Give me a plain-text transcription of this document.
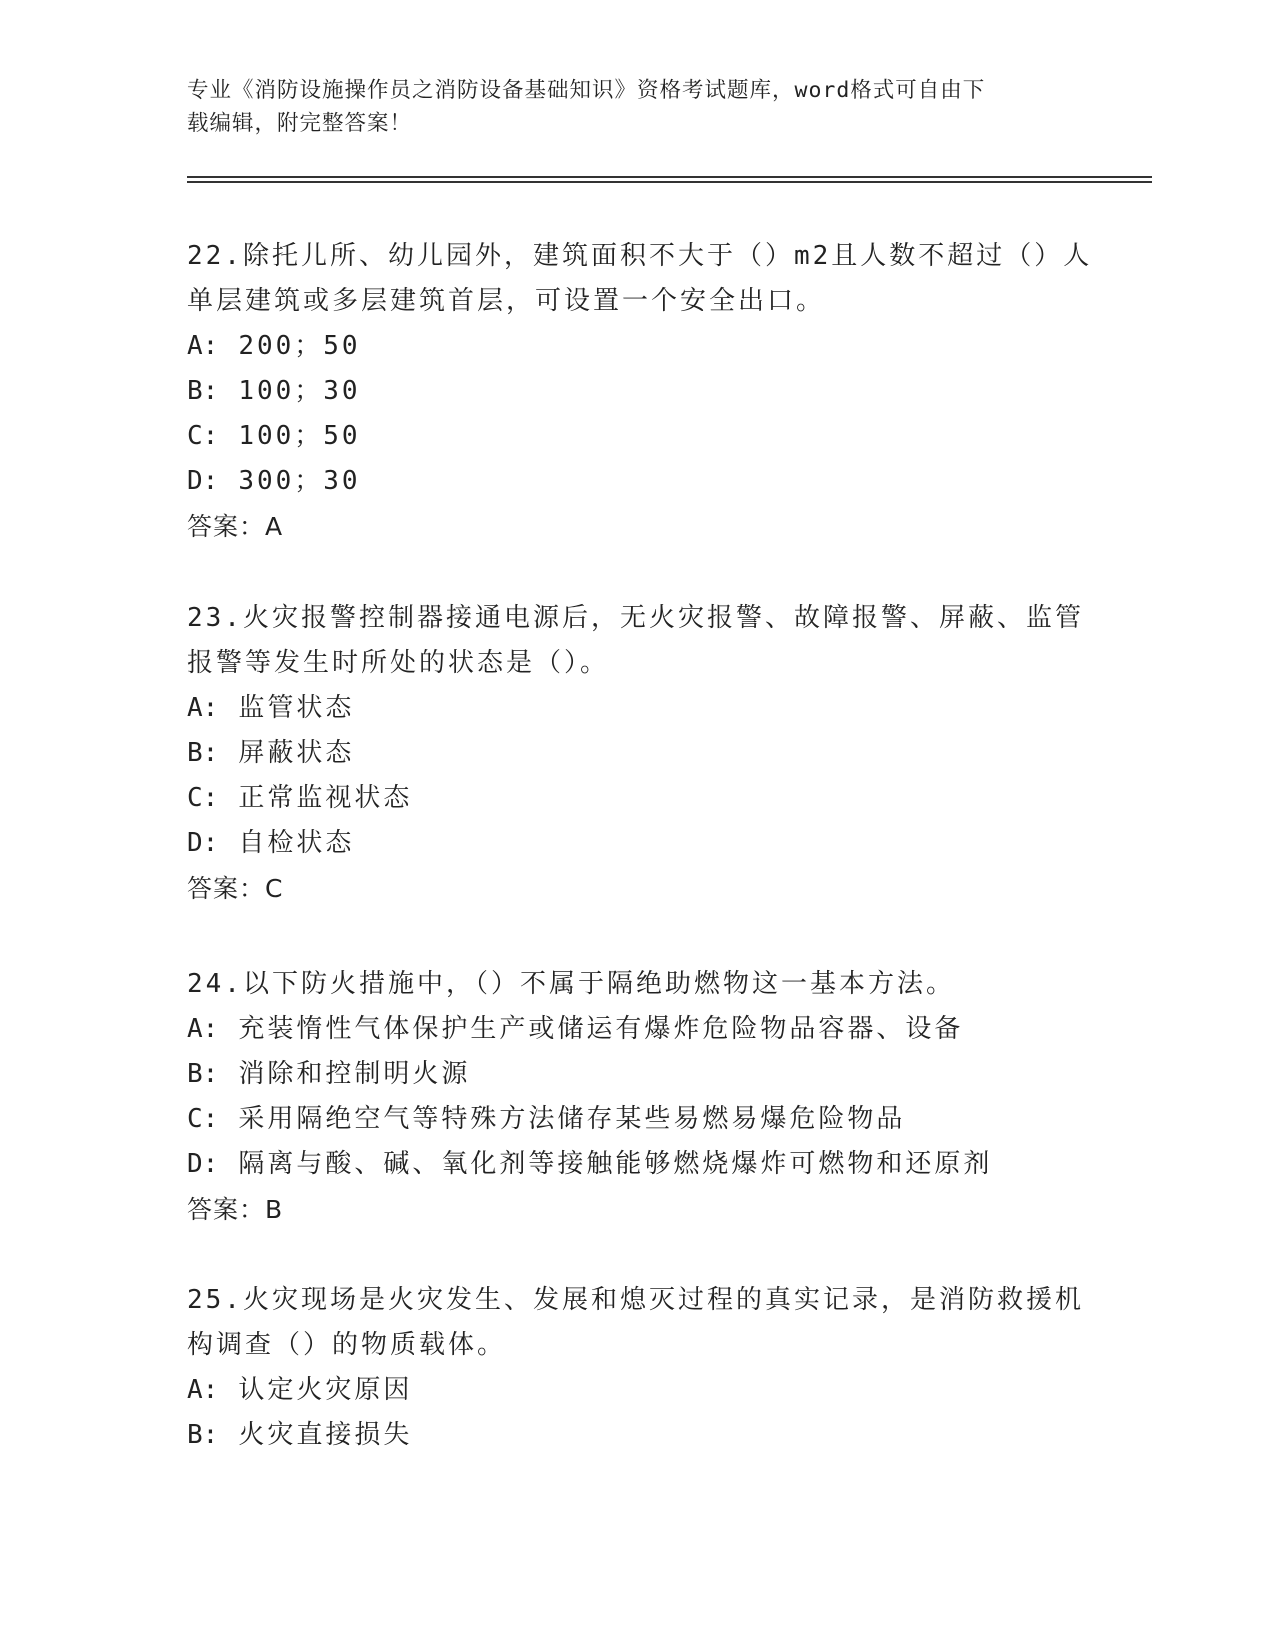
专业《消防设施操作员之消防设备基础知识》资格考试题库，word格式可自由下
载编辑，附完整答案！
22.除托儿所、幼儿园外，建筑面积不大于（）m2且人数不超过（）人
单层建筑或多层建筑首层，可设置一个安全出口。
A: 200；50
B: 100；30
C: 100；50
D: 300；30
答案：A
23.火灾报警控制器接通电源后，无火灾报警、故障报警、屏蔽、监管
报警等发生时所处的状态是（）。
A: 监管状态
B: 屏蔽状态
C: 正常监视状态
D: 自检状态
答案：C
24.以下防火措施中，（）不属于隔绝助燃物这一基本方法。
A: 充装惰性气体保护生产或储运有爆炸危险物品容器、设备
B: 消除和控制明火源
C: 采用隔绝空气等特殊方法储存某些易燃易爆危险物品
D: 隔离与酸、碱、氧化剂等接触能够燃烧爆炸可燃物和还原剂
答案：B
25.火灾现场是火灾发生、发展和熄灭过程的真实记录，是消防救援机
构调查（）的物质载体。
A: 认定火灾原因
B: 火灾直接损失
